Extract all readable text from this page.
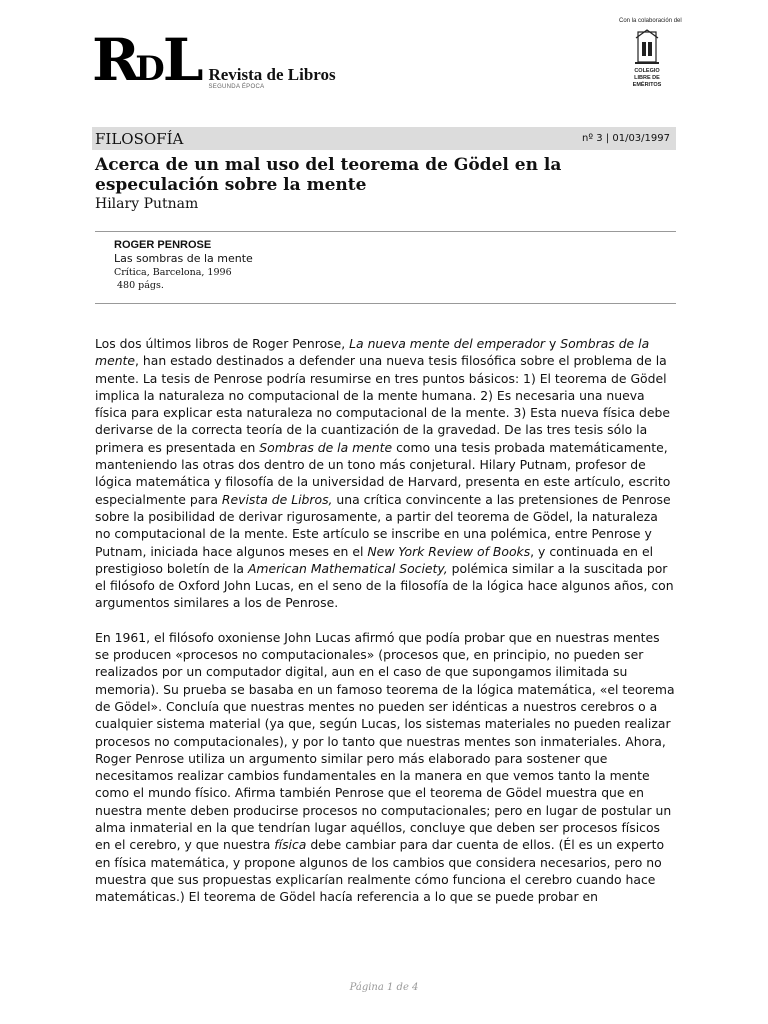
Con la colaboración del
COLEGIO
LIBRE DE
EMÉRITOS
RDL Revista de Libros
SEGUNDA ÉPOCA
FILOSOFÍA	nº 3 | 01/03/1997
Acerca de un mal uso del teorema de Gödel en la especulación sobre la mente
Hilary Putnam
ROGER PENROSE
Las sombras de la mente
Crítica, Barcelona, 1996
480 págs.

Los dos últimos libros de Roger Penrose, La nueva mente del emperador y Sombras de la mente, han estado destinados a defender una nueva tesis filosófica sobre el problema de la mente. La tesis de Penrose podría resumirse en tres puntos básicos: 1) El teorema de Gödel implica la naturaleza no computacional de la mente humana. 2) Es necesaria una nueva física para explicar esta naturaleza no computacional de la mente. 3) Esta nueva física debe derivarse de la correcta teoría de la cuantización de la gravedad. De las tres tesis sólo la primera es presentada en Sombras de la mente como una tesis probada matemáticamente, manteniendo las otras dos dentro de un tono más conjetural. Hilary Putnam, profesor de lógica matemática y filosofía de la universidad de Harvard, presenta en este artículo, escrito especialmente para Revista de Libros, una crítica convincente a las pretensiones de Penrose sobre la posibilidad de derivar rigurosamente, a partir del teorema de Gödel, la naturaleza no computacional de la mente. Este artículo se inscribe en una polémica, entre Penrose y Putnam, iniciada hace algunos meses en el New York Review of Books, y continuada en el prestigioso boletín de la American Mathematical Society, polémica similar a la suscitada por el filósofo de Oxford John Lucas, en el seno de la filosofía de la lógica hace algunos años, con argumentos similares a los de Penrose.

En 1961, el filósofo oxoniense John Lucas afirmó que podía probar que en nuestras mentes se producen «procesos no computacionales» (procesos que, en principio, no pueden ser realizados por un computador digital, aun en el caso de que supongamos ilimitada su memoria). Su prueba se basaba en un famoso teorema de la lógica matemática, «el teorema de Gödel». Concluía que nuestras mentes no pueden ser idénticas a nuestros cerebros o a cualquier sistema material (ya que, según Lucas, los sistemas materiales no pueden realizar procesos no computacionales), y por lo tanto que nuestras mentes son inmateriales. Ahora, Roger Penrose utiliza un argumento similar pero más elaborado para sostener que necesitamos realizar cambios fundamentales en la manera en que vemos tanto la mente como el mundo físico. Afirma también Penrose que el teorema de Gödel muestra que en nuestra mente deben producirse procesos no computacionales; pero en lugar de postular un alma inmaterial en la que tendrían lugar aquéllos, concluye que deben ser procesos físicos en el cerebro, y que nuestra física debe cambiar para dar cuenta de ellos. (Él es un experto en física matemática, y propone algunos de los cambios que considera necesarios, pero no muestra que sus propuestas explicarían realmente cómo funciona el cerebro cuando hace matemáticas.) El teorema de Gödel hacía referencia a lo que se puede probar en

Página 1 de 4
